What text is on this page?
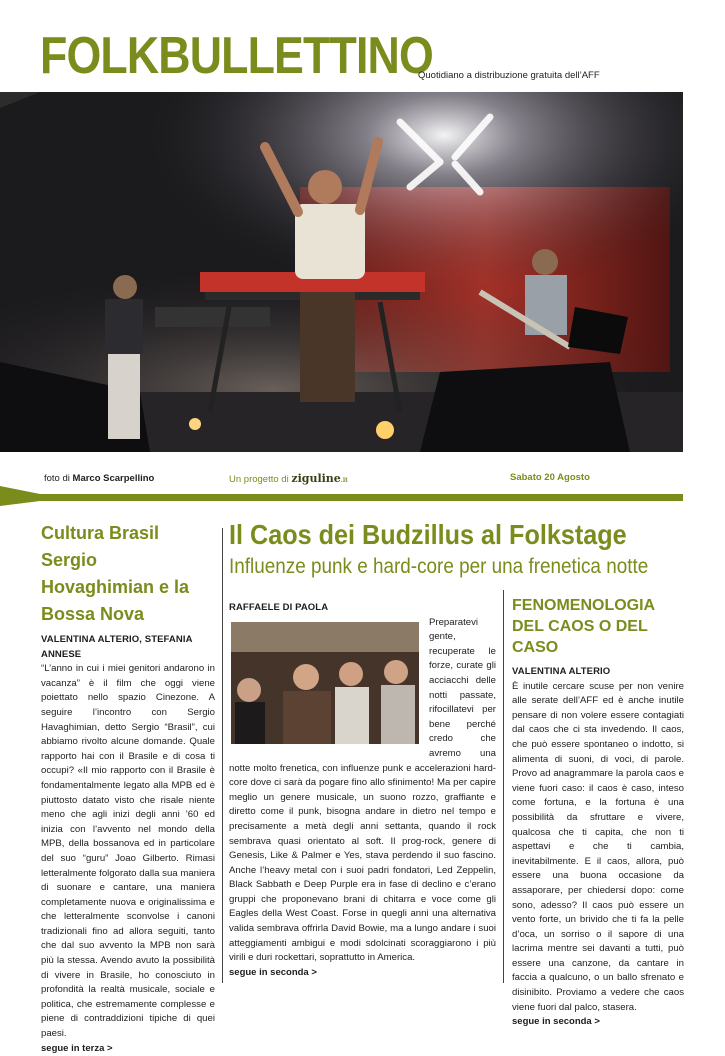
FOLKBULLETTINO
Quotidiano a distribuzione gratuita dell’AFF
foto di Marco Scarpellino	Un progetto di ziguline.it	Sabato 20 Agosto
Cultura Brasil Sergio Hovaghimian e la Bossa Nova
VALENTINA ALTERIO, STEFANIA ANNESE

“L’anno in cui i miei genitori andarono in vacanza” è il film che oggi viene poiettato nello spazio Cinezone. A seguire l’incontro con Sergio Havaghimian, detto Sergio “Brasil”, cui abbiamo rivolto alcune domande. Quale rapporto hai con il Brasile e di cosa ti occupi? «Il mio rapporto con il Brasile è fondamentalmente legato alla MPB ed è piuttosto datato visto che risale niente meno che agli inizi degli anni ’60 ed inizia con l’avvento nel mondo della MPB, della bossanova ed in particolare del suo “guru” Joao Gilberto. Rimasi letteralmente folgorato dalla sua maniera di suonare e cantare, una maniera completamente nuova e originalissima e che letteralmente sconvolse i canoni tradizionali fino ad allora seguiti, tanto che dal suo avvento la MPB non sarà più la stessa. Avendo avuto la possibilità di vivere in Brasile, ho conosciuto in profondità la realtà musicale, sociale e politica, che estremamente complesse e piene di contraddizioni tipiche di quei paesi.

segue in terza >
Il Caos dei Budzillus al Folkstage
Influenze punk e hard-core per una frenetica notte
RAFFAELE DI PAOLA

Preparatevi gente, recuperate le forze, curate gli acciacchi delle notti passate, rifocillatevi per bene perché credo che avremo una notte molto frenetica, con influenze punk e accelerazioni hard-core dove ci sarà da pogare fino allo sfinimento! Ma per capire meglio un genere musicale, un suono rozzo, graffiante e diretto come il punk, bisogna andare in dietro nel tempo e precisamente a metà degli anni settanta, quando il rock sembrava quasi orientato al soft. Il prog-rock, genere di Genesis, Like & Palmer e Yes, stava perdendo il suo fascino. Anche l’heavy metal con i suoi padri fondatori, Led Zeppelin, Black Sabbath e Deep Purple era in fase di declino e c’erano gruppi che proponevano brani di chitarra e voce come gli Eagles della West Coast. Forse in quegli anni una alternativa valida sembrava offrirla David Bowie, ma a lungo andare i suoi atteggiamenti ambigui e modi sdolcinati scoraggiarono i più virili e duri rockettari, soprattutto in America.

segue in seconda >
FENOMENOLOGIA DEL CAOS O DEL CASO
VALENTINA ALTERIO

È inutile cercare scuse per non venire alle serate dell’AFF ed è anche inutile pensare di non volere essere contagiati dal caos che ci sta invedendo. Il caos, che può essere spontaneo o indotto, si alimenta di suoni, di voci, di parole. Provo ad anagrammare la parola caos e viene fuori caso: il caos è caso, inteso come fortuna, e la fortuna è una possibilità da sfruttare e vivere, qualcosa che ti capita, che non ti aspettavi e che ti cambia, inevitabilmente. E il caos, allora, può essere una buona occasione da assaporare, per chiedersi dopo: come sono, adesso? Il caos può essere un vento forte, un brivido che ti fa la pelle d’oca, un sorriso o il sapore di una lacrima mentre sei davanti a tutti, può essere una canzone, da cantare in faccia a qualcuno, o un ballo sfrenato e disinibito. Proviamo a vedere che caos viene fuori dal palco, stasera.

segue in seconda >
